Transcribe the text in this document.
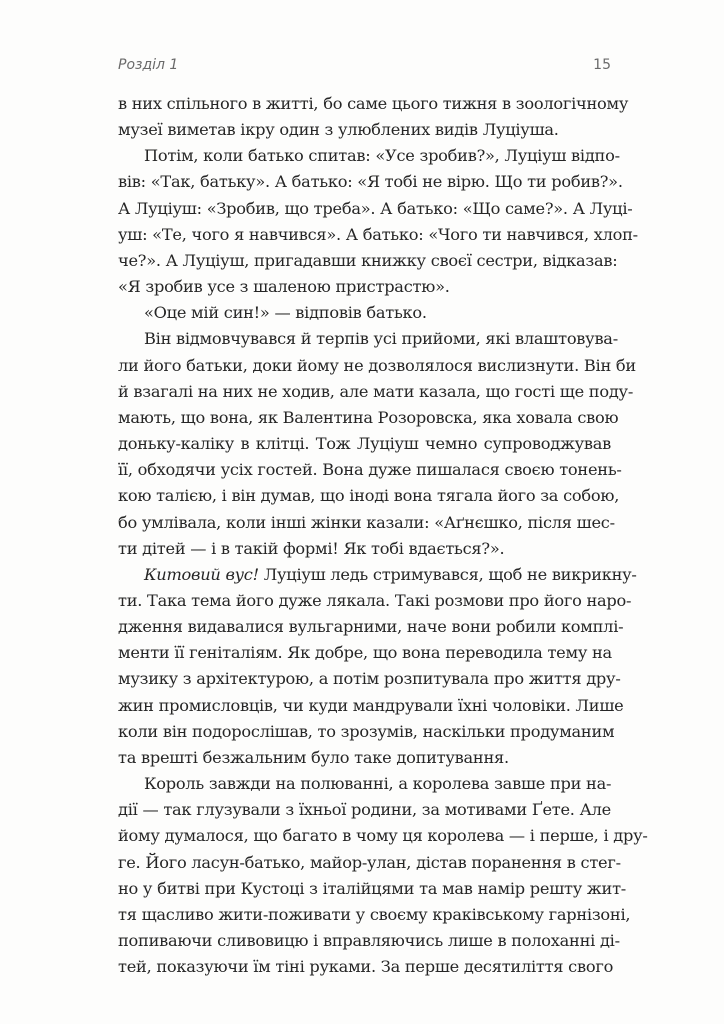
Розділ 1	15
в них спільного в житті, бо саме цього тижня в зоологічному
музеї виметав ікру один з улюблених видів Луціуша.
Потім, коли батько спитав: «Усе зробив?», Луціуш відпо-
вів: «Так, батьку». А батько: «Я тобі не вірю. Що ти робив?».
А Луціуш: «Зробив, що треба». А батько: «Що саме?». А Луці-
уш: «Те, чого я навчився». А батько: «Чого ти навчився, хлоп-
че?». А Луціуш, пригадавши книжку своєї сестри, відказав:
«Я зробив усе з шаленою пристрастю».
«Оце мій син!» — відповів батько.
Він відмовчувався й терпів усі прийоми, які влаштовува-
ли його батьки, доки йому не дозволялося вислизнути. Він би
й взагалі на них не ходив, але мати казала, що гості ще поду-
мають, що вона, як Валентина Розоровска, яка ховала свою
доньку-каліку в клітці. Тож Луціуш чемно супроводжував
її, обходячи усіх гостей. Вона дуже пишалася своєю тонень-
кою талією, і він думав, що іноді вона тягала його за собою,
бо умлівала, коли інші жінки казали: «Аґнєшко, після шес-
ти дітей — і в такій формі! Як тобі вдається?».
Китовий вус! Луціуш ледь стримувався, щоб не викрикну-
ти. Така тема його дуже лякала. Такі розмови про його наро-
дження видавалися вульгарними, наче вони робили комплі-
менти її геніталіям. Як добре, що вона переводила тему на
музику з архітектурою, а потім розпитувала про життя дру-
жин промисловців, чи куди мандрували їхні чоловіки. Лише
коли він подорослішав, то зрозумів, наскільки продуманим
та врешті безжальним було таке допитування.
Король завжди на полюванні, а королева завше при на-
дії — так глузували з їхньої родини, за мотивами Ґете. Але
йому думалося, що багато в чому ця королева — і перше, і дру-
ге. Його ласун-батько, майор-улан, дістав поранення в стег-
но у битві при Кустоці з італійцями та мав намір решту жит-
тя щасливо жити-поживати у своєму краківському гарнізоні,
попиваючи сливовицю і вправляючись лише в полоханні ді-
тей, показуючи їм тіні руками. За перше десятиліття свого
